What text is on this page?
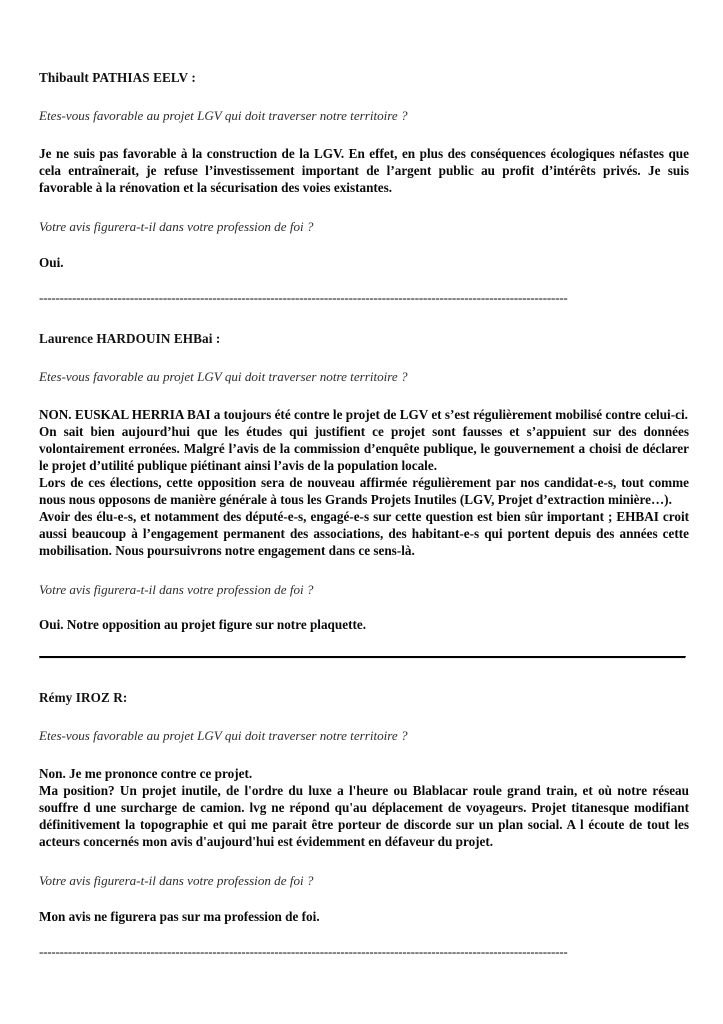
Thibault PATHIAS EELV :

Etes-vous favorable au projet LGV qui doit traverser notre territoire ?

Je ne suis pas favorable à la construction de la LGV. En effet, en plus des conséquences écologiques néfastes que cela entraînerait, je refuse l’investissement important de l’argent public au profit d’intérêts privés. Je suis favorable à la rénovation et la sécurisation des voies existantes.

Votre avis figurera-t-il dans votre profession de foi ?

Oui.

--------------------------------------------------------------------------------------------------------------------------------

Laurence HARDOUIN EHBai :

Etes-vous favorable au projet LGV qui doit traverser notre territoire ?

NON. EUSKAL HERRIA BAI a toujours été contre le projet de LGV et s’est régulièrement mobilisé contre celui-ci.

On sait bien aujourd’hui que les études qui justifient ce projet sont fausses et s’appuient sur des données volontairement erronées. Malgré l’avis de la commission d’enquête publique, le gouvernement a choisi de déclarer le projet d’utilité publique piétinant ainsi l’avis de la population locale.

Lors de ces élections, cette opposition sera de nouveau affirmée régulièrement par nos candidat-e-s, tout comme nous nous opposons de manière générale à tous les Grands Projets Inutiles (LGV, Projet d’extraction minière…).

Avoir des élu-e-s, et notamment des député-e-s, engagé-e-s sur cette question est bien sûr important ; EHBAI croit aussi beaucoup à l’engagement permanent des associations, des habitant-e-s qui portent depuis des années cette mobilisation. Nous poursuivrons notre engagement dans ce sens-là.

Votre avis figurera-t-il dans votre profession de foi ?

Oui. Notre opposition au projet figure sur notre plaquette.

Rémy IROZ R:

Etes-vous favorable au projet LGV qui doit traverser notre territoire ?

Non. Je me prononce contre ce projet.

Ma position? Un projet inutile, de l'ordre du luxe a l'heure ou Blablacar roule grand train, et où notre réseau souffre d une surcharge de camion. lvg ne répond qu'au déplacement de voyageurs. Projet titanesque modifiant définitivement la topographie et qui me parait être porteur de discorde sur un plan social. A l écoute de tout les acteurs concernés mon avis d'aujourd'hui est évidemment en défaveur du projet.

Votre avis figurera-t-il dans votre profession de foi ?

Mon avis ne figurera pas sur ma profession de foi.

--------------------------------------------------------------------------------------------------------------------------------
